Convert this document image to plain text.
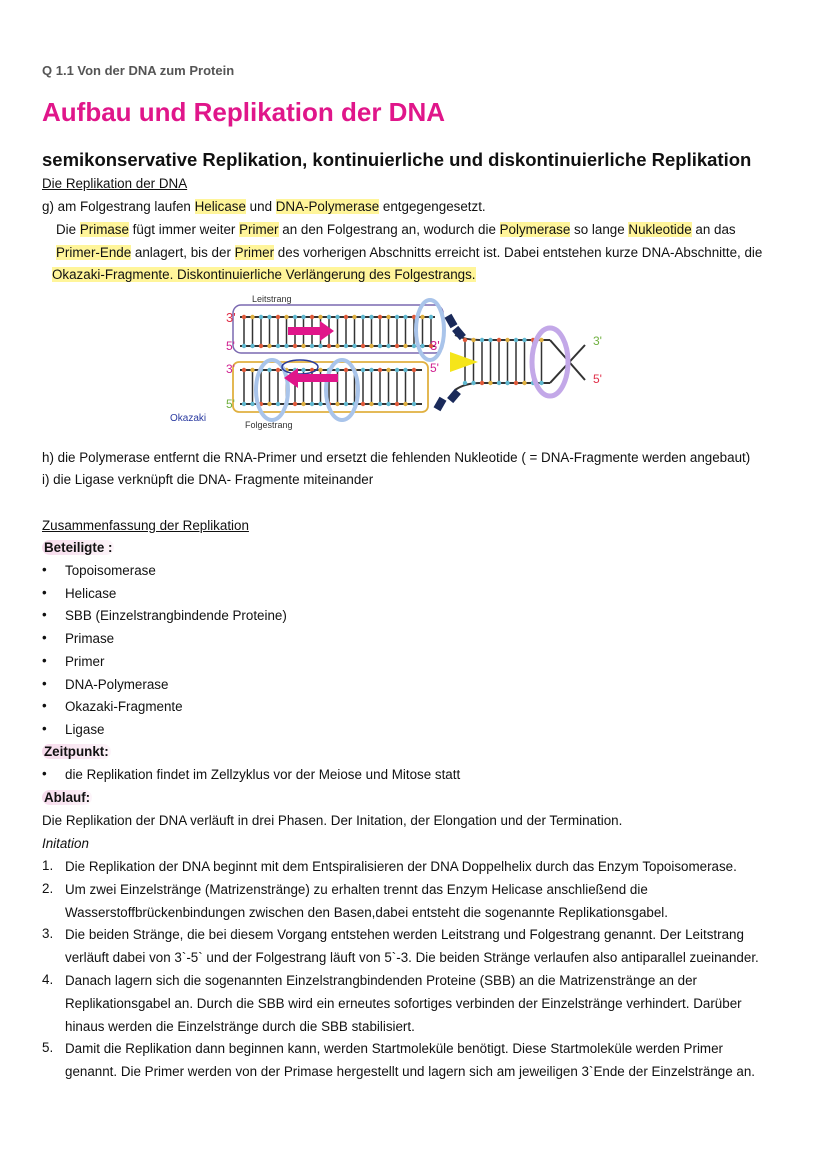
Q 1.1 Von der DNA zum Protein
Aufbau und Replikation der DNA
semikonservative Replikation, kontinuierliche und diskontinuierliche Replikation
Die Replikation der DNA
g) am Folgestrang laufen Helicase und DNA-Polymerase entgegengesetzt.
Die Primase fügt immer weiter Primer an den Folgestrang an, wodurch die Polymerase so lange Nukleotide an das
Primer-Ende anlagert, bis der Primer des vorherigen Abschnitts erreicht ist. Dabei entstehen kurze DNA-Abschnitte, die
Okazaki-Fragmente. Diskontinuierliche Verlängerung des Folgestrangs.
3'
5'
3'
5'
3'
5'
3'
5'
Leitstrang
Folgestrang
Okazaki
h) die Polymerase entfernt die RNA-Primer und ersetzt die fehlenden Nukleotide ( = DNA-Fragmente werden angebaut)
i) die Ligase verknüpft die DNA- Fragmente miteinander
Zusammenfassung der Replikation
Beteiligte :
• Topoisomerase
• Helicase
• SBB (Einzelstrangbindende Proteine)
• Primase
• Primer
• DNA-Polymerase
• Okazaki-Fragmente
• Ligase
Zeitpunkt:
• die Replikation findet im Zellzyklus vor der Meiose und Mitose statt
Ablauf:
Die Replikation der DNA verläuft in drei Phasen. Der Initation, der Elongation und der Termination.
Initation
1. Die Replikation der DNA beginnt mit dem Entspiralisieren der DNA Doppelhelix durch das Enzym Topoisomerase.
2. Um zwei Einzelstränge (Matrizenstränge) zu erhalten trennt das Enzym Helicase anschließend die
Wasserstoffbrückenbindungen zwischen den Basen,dabei entsteht die sogenannte Replikationsgabel.
3. Die beiden Stränge, die bei diesem Vorgang entstehen werden Leitstrang und Folgestrang genannt. Der Leitstrang
verläuft dabei von 3`-5` und der Folgestrang läuft von 5`-3. Die beiden Stränge verlaufen also antiparallel zueinander.
4. Danach lagern sich die sogenannten Einzelstrangbindenden Proteine (SBB) an die Matrizenstränge an der
Replikationsgabel an. Durch die SBB wird ein erneutes sofortiges verbinden der Einzelstränge verhindert. Darüber
hinaus werden die Einzelstränge durch die SBB stabilisiert.
5. Damit die Replikation dann beginnen kann, werden Startmoleküle benötigt. Diese Startmoleküle werden Primer
genannt. Die Primer werden von der Primase hergestellt und lagern sich am jeweiligen 3`Ende der Einzelstränge an.
